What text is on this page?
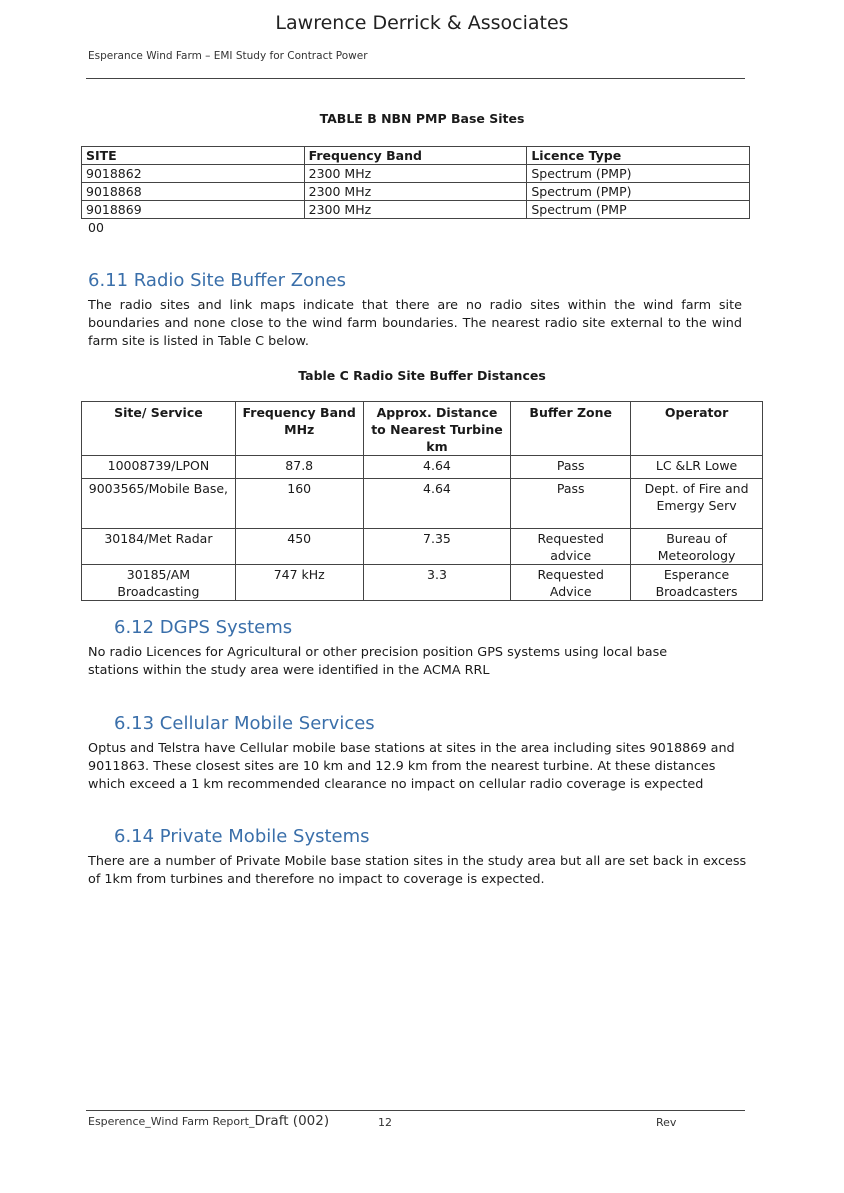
Lawrence Derrick & Associates
Esperance Wind Farm – EMI Study for Contract Power
TABLE B NBN PMP Base Sites
SITE	Frequency Band	Licence Type
9018862	2300 MHz	Spectrum (PMP)
9018868	2300 MHz	Spectrum (PMP)
9018869	2300 MHz	Spectrum (PMP
00
6.11 Radio Site Buffer Zones
The radio sites and link maps indicate that there are no radio sites within the wind farm site boundaries and none close to the wind farm boundaries. The nearest radio site external to the wind farm site is listed in Table C below.
Table C Radio Site Buffer Distances
Site/ Service	Frequency Band MHz	Approx. Distance to Nearest Turbine km	Buffer Zone	Operator
10008739/LPON	87.8	4.64	Pass	LC &LR Lowe
9003565/Mobile Base,	160	4.64	Pass	Dept. of Fire and Emergy Serv
30184/Met Radar	450	7.35	Requested advice	Bureau of Meteorology
30185/AM Broadcasting	747 kHz	3.3	Requested Advice	Esperance Broadcasters
6.12 DGPS Systems
No radio Licences for Agricultural or other precision position GPS systems using local base stations within the study area were identified in the ACMA RRL
6.13 Cellular Mobile Services
Optus and Telstra have Cellular mobile base stations at sites in the area including sites 9018869 and 9011863. These closest sites are 10 km and 12.9 km from the nearest turbine. At these distances which exceed a 1 km recommended clearance no impact on cellular radio coverage is expected
6.14 Private Mobile Systems
There are a number of Private Mobile base station sites in the study area but all are set back in excess of 1km from turbines and therefore no impact to coverage is expected.
Esperence_Wind Farm Report_Draft (002)	12	Rev
